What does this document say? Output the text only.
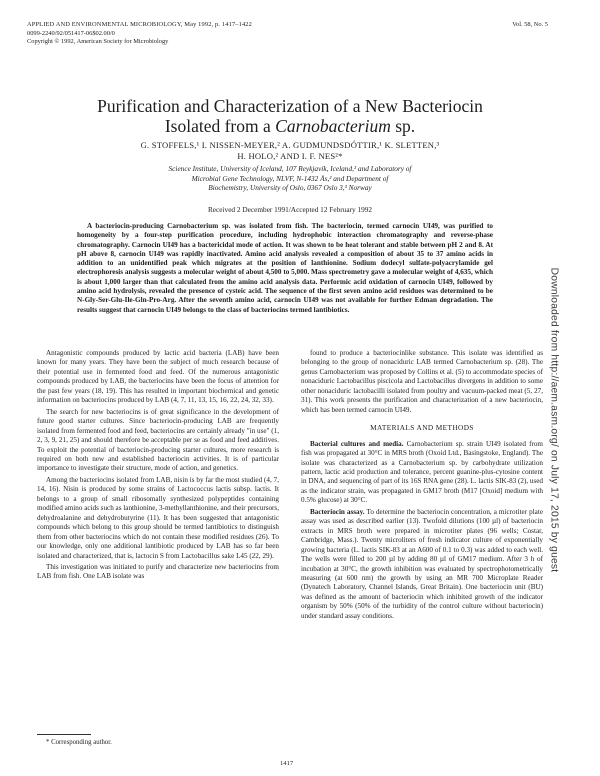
APPLIED AND ENVIRONMENTAL MICROBIOLOGY, May 1992, p. 1417–1422
0099-2240/92/051417-06$02.00/0
Copyright © 1992, American Society for Microbiology
Vol. 58, No. 5
Purification and Characterization of a New Bacteriocin
Isolated from a Carnobacterium sp.
G. STOFFELS,¹ I. NISSEN-MEYER,² A. GUDMUNDSDÓTTIR,¹ K. SLETTEN,³
H. HOLO,² AND I. F. NES²*
Science Institute, University of Iceland, 107 Reykjavík, Iceland,¹ and Laboratory of
Microbial Gene Technology, NLVF, N-1432 Ås,² and Department of
Biochemistry, University of Oslo, 0367 Oslo 3,³ Norway
Received 2 December 1991/Accepted 12 February 1992
A bacteriocin-producing Carnobacterium sp. was isolated from fish. The bacteriocin, termed carnocin UI49, was purified to homogeneity by a four-step purification procedure, including hydrophobic interaction chromatography and reverse-phase chromatography. Carnocin UI49 has a bactericidal mode of action. It was shown to be heat tolerant and stable between pH 2 and 8. At pH above 8, carnocin UI49 was rapidly inactivated. Amino acid analysis revealed a composition of about 35 to 37 amino acids in addition to an unidentified peak which migrates at the position of lanthionine. Sodium dodecyl sulfate-polyacrylamide gel electrophoresis analysis suggests a molecular weight of about 4,500 to 5,000. Mass spectrometry gave a molecular weight of 4,635, which is about 1,000 larger than that calculated from the amino acid analysis data. Performic acid oxidation of carnocin UI49, followed by amino acid hydrolysis, revealed the presence of cysteic acid. The sequence of the first seven amino acid residues was determined to be N-Gly-Ser-Glu-Ile-Gln-Pro-Arg. After the seventh amino acid, carnocin UI49 was not available for further Edman degradation. The results suggest that carnocin UI49 belongs to the class of bacteriocins termed lantibiotics.

Antagonistic compounds produced by lactic acid bacteria (LAB) have been known for many years. They have been the subject of much research because of their potential use in fermented food and feed. Of the numerous antagonistic compounds produced by LAB, the bacteriocins have been the focus of attention for the past few years (18, 19). This has resulted in important biochemical and genetic information on bacteriocins produced by LAB (4, 7, 11, 13, 15, 16, 22, 24, 32, 33).

The search for new bacteriocins is of great significance in the development of future good starter cultures. Since bacteriocin-producing LAB are frequently isolated from fermented food and feed, bacteriocins are certainly already "in use" (1, 2, 3, 9, 21, 25) and should therefore be acceptable per se as food and feed additives. To exploit the potential of bacteriocin-producing starter cultures, more research is required on both new and established bacteriocin activities. It is of particular importance to investigate their structure, mode of action, and genetics.

Among the bacteriocins isolated from LAB, nisin is by far the most studied (4, 7, 14, 16). Nisin is produced by some strains of Lactococcus lactis subsp. lactis. It belongs to a group of small ribosomally synthesized polypeptides containing modified amino acids such as lanthionine, 3-methyllanthionine, and their precursors, dehydroalanine and dehydrobutyrine (11). It has been suggested that antagonistic compounds which belong to this group should be termed lantibiotics to distinguish them from other bacteriocins which do not contain these modified residues (26). To our knowledge, only one additional lantibiotic produced by LAB has so far been isolated and characterized, that is, lactocin S from Lactobacillus sake L45 (22, 29).

This investigation was initiated to purify and characterize new bacteriocins from LAB from fish. One LAB isolate was

found to produce a bacteriocinlike substance. This isolate was identified as belonging to the group of nonaciduric LAB termed Carnobacterium sp. (28). The genus Carnobacterium was proposed by Collins et al. (5) to accommodate species of nonaciduric Lactobacillus piscicola and Lactobacillus divergens in addition to some other nonaciduric lactobacilli isolated from poultry and vacuum-packed meat (5, 27, 31). This work presents the purification and characterization of a new bacteriocin, which has been termed carnocin UI49.

MATERIALS AND METHODS

Bacterial cultures and media. Carnobacterium sp. strain UI49 isolated from fish was propagated at 30°C in MRS broth (Oxoid Ltd., Basingstoke, England). The isolate was characterized as a Carnobacterium sp. by carbohydrate utilization pattern, lactic acid production and tolerance, percent guanine-plus-cytosine content in DNA, and sequencing of part of its 16S RNA gene (28). L. lactis SIK-83 (2), used as the indicator strain, was propagated in GM17 broth (M17 [Oxoid] medium with 0.5% glucose) at 30°C.

Bacteriocin assay. To determine the bacteriocin concentration, a microtiter plate assay was used as described earlier (13). Twofold dilutions (100 µl) of bacteriocin extracts in MRS broth were prepared in microtiter plates (96 wells; Costar, Cambridge, Mass.). Twenty microliters of fresh indicator culture of exponentially growing bacteria (L. lactis SIK-83 at an A600 of 0.1 to 0.3) was added to each well. The wells were filled to 200 µl by adding 80 µl of GM17 medium. After 3 h of incubation at 30°C, the growth inhibition was evaluated by spectrophotometrically measuring (at 600 nm) the growth by using an MR 700 Microplate Reader (Dynatech Laboratory, Channel Islands, Great Britain). One bacteriocin unit (BU) was defined as the amount of bacteriocin which inhibited growth of the indicator organism by 50% (50% of the turbidity of the control culture without bacteriocin) under standard assay conditions.

* Corresponding author.
1417
Downloaded from http://aem.asm.org/ on July 17, 2015 by guest
